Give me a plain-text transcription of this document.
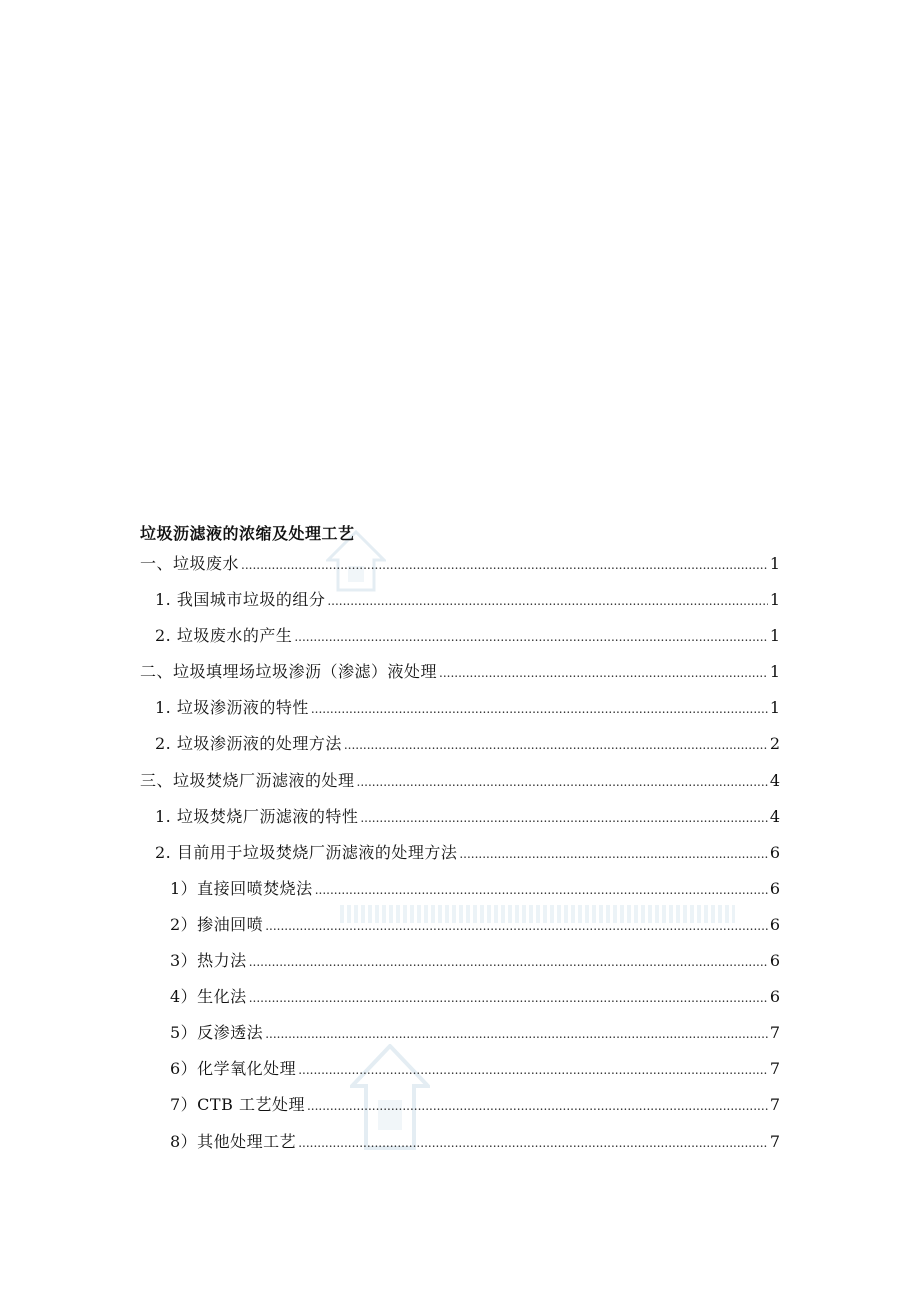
垃圾沥滤液的浓缩及处理工艺
一、垃圾废水 .....	1
1. 我国城市垃圾的组分 .....	1
2. 垃圾废水的产生 .....	1
二、垃圾填埋场垃圾渗沥（渗滤）液处理 .....	1
1. 垃圾渗沥液的特性 .....	1
2. 垃圾渗沥液的处理方法 .....	2
三、垃圾焚烧厂沥滤液的处理 .....	4
1. 垃圾焚烧厂沥滤液的特性 .....	4
2. 目前用于垃圾焚烧厂沥滤液的处理方法 .....	6
1）直接回喷焚烧法 .....	6
2）掺油回喷 .....	6
3）热力法 .....	6
4）生化法 .....	6
5）反渗透法 .....	7
6）化学氧化处理 .....	7
7）CTB 工艺处理 .....	7
8）其他处理工艺 .....	7
